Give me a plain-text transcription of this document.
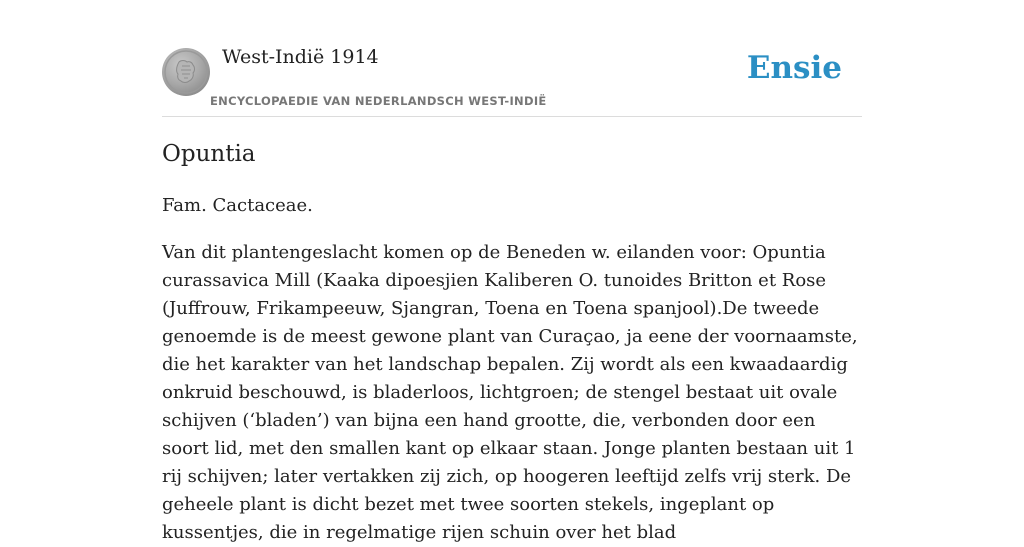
West-Indië 1914
ENCYCLOPAEDIE VAN NEDERLANDSCH WEST-INDIË
Ensie
Opuntia

Fam. Cactaceae.

Van dit plantengeslacht komen op de Beneden w. eilanden voor: Opuntia curassavica Mill (Kaaka dipoesjien Kaliberen O. tunoides Britton et Rose (Juffrouw, Frikampeeuw, Sjangran, Toena en Toena spanjool).De tweede genoemde is de meest gewone plant van Curaçao, ja eene der voornaamste, die het karakter van het landschap bepalen. Zij wordt als een kwaadaardig onkruid beschouwd, is bladerloos, lichtgroen; de stengel bestaat uit ovale schijven (‘bladen’) van bijna een hand grootte, die, verbonden door een soort lid, met den smallen kant op elkaar staan. Jonge planten bestaan uit 1 rij schijven; later vertakken zij zich, op hoogeren leeftijd zelfs vrij sterk. De geheele plant is dicht bezet met twee soorten stekels, ingeplant op kussentjes, die in regelmatige rijen schuin over het blad
